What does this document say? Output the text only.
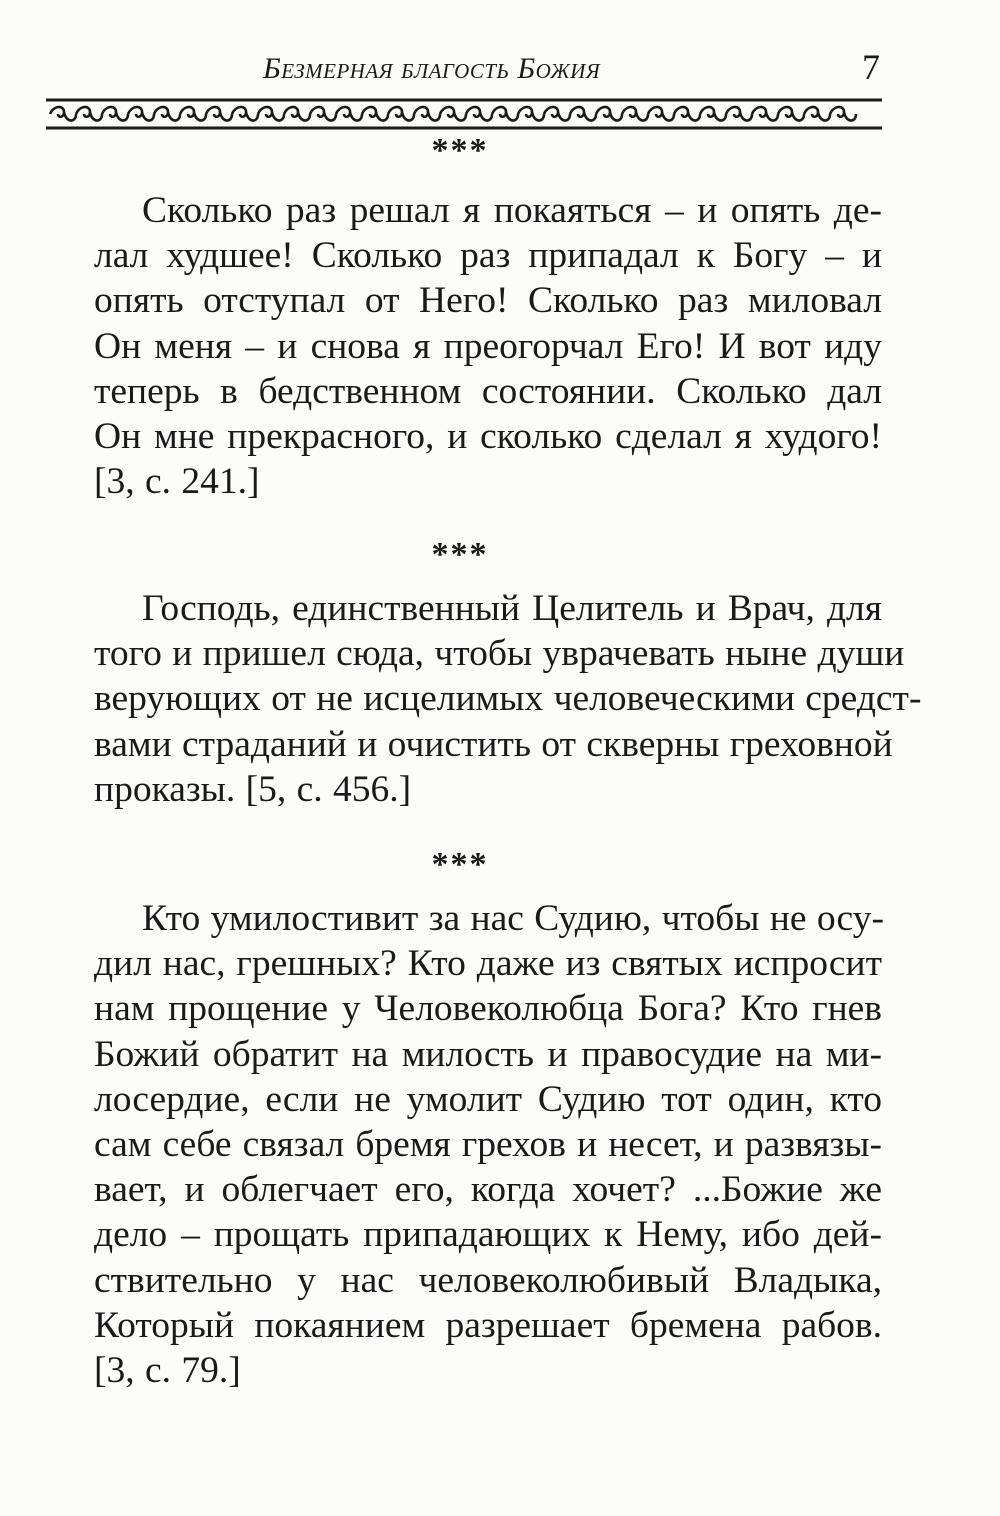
Безмерная благость Божия	7
***
Сколько раз решал я покаяться – и опять де-
лал худшее! Сколько раз припадал к Богу – и
опять отступал от Него! Сколько раз миловал
Он меня – и снова я преогорчал Его! И вот иду
теперь в бедственном состоянии. Сколько дал
Он мне прекрасного, и сколько сделал я худого!
[3, с. 241.]
***
Господь, единственный Целитель и Врач, для
того и пришел сюда, чтобы уврачевать ныне души
верующих от не исцелимых человеческими средст-
вами страданий и очистить от скверны греховной
проказы. [5, с. 456.]
***
Кто умилостивит за нас Судию, чтобы не осу-
дил нас, грешных? Кто даже из святых испросит
нам прощение у Человеколюбца Бога? Кто гнев
Божий обратит на милость и правосудие на ми-
лосердие, если не умолит Судию тот один, кто
сам себе связал бремя грехов и несет, и развязы-
вает, и облегчает его, когда хочет? ...Божие же
дело – прощать припадающих к Нему, ибо дей-
ствительно у нас человеколюбивый Владыка,
Который покаянием разрешает бремена рабов.
[3, с. 79.]
